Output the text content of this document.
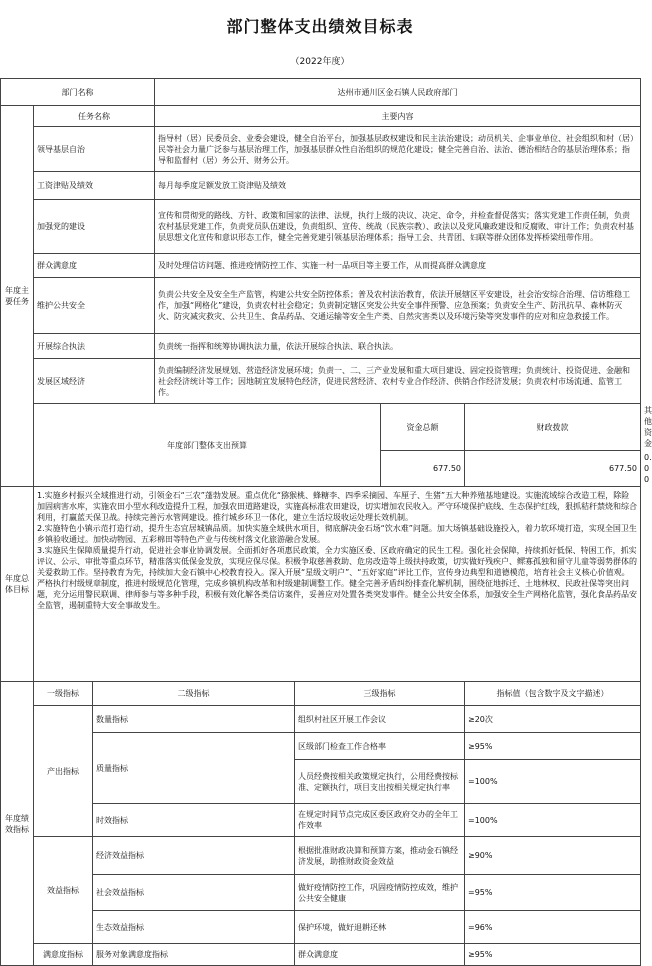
部门整体支出绩效目标表
（2022年度）
部门名称			达州市通川区金石镇人民政府部门				
年度主要任务	任务名称		主要内容				
	领导基层自治		指导村（居）民委员会、业委会建设，健全自治平台，加强基层政权建设和民主法治建设；动员机关、企事业单位、社会组织和村（居）民等社会力量广泛参与基层治理工作，加强基层群众性自治组织的规范化建设；健全完善自治、法治、德治相结合的基层治理体系；指导和监督村（居）务公开、财务公开。				
	工资津贴及绩效		每月每季度足额发放工资津贴及绩效				
	加强党的建设		宣传和贯彻党的路线、方针、政策和国家的法律、法规，执行上级的决议、决定、命令，并检查督促落实；落实党建工作责任制，负责农村基层党建工作，负责党员队伍建设，负责组织、宣传、统战（民族宗教）、政法以及党风廉政建设和反腐败、审计工作；负责农村基层思想文化宣传和意识形态工作，健全完善党建引领基层治理体系；指导工会、共青团、妇联等群众团体发挥桥梁纽带作用。				
	群众满意度		及时处理信访问题、推进疫情防控工作、实施一村一品项目等主要工作，从而提高群众满意度				
	维护公共安全		负责公共安全及安全生产监管，构建公共安全防控体系；普及农村法治教育，依法开展辖区平安建设，社会治安综合治理、信访维稳工作，加强“网格化”建设，负责农村社会稳定；负责制定辖区突发公共安全事件预警、应急预案；负责安全生产、防汛抗旱、森林防灭火、防灾减灾救灾、公共卫生、食品药品、交通运输等安全生产类、自然灾害类以及环境污染等突发事件的应对和应急救援工作。				
	开展综合执法		负责统一指挥和统筹协调执法力量，依法开展综合执法、联合执法。				
	发展区域经济		负责编制经济发展规划、营造经济发展环境；负责一、二、三产业发展和重大项目建设、固定投资管理；负责统计、投资促进、金融和社会经济统计等工作；因地制宜发展特色经济，促进民营经济、农村专业合作经济、供销合作经济发展；负责农村市场流通、监管工作。				
	年度部门整体支出预算				资金总额	财政拨款	其他资金
					677.50	677.50	0.00
年度总体目标	1.实施乡村振兴全域推进行动，引领金石“三农”蓬勃发展。重点优化“猕猴桃、蜂糖李、四季采摘园、车厘子、生猪”五大种养殖基地建设。实施流域综合改造工程，除险加固病害水库，实施农田小型水利改造提升工程，加强农田道路建设，实施高标准农田建设，切实增加农民收入。严守环境保护底线、生态保护红线，狠抓秸秆禁烧和综合利用，打赢蓝天保卫战。持续完善污水管网建设。推行城乡环卫一体化，建立生活垃圾收运处理长效机制。
2.实施特色小镇示范打造行动，提升生态宜居城镇品质。加快实施全域供水项目，彻底解决金石场“饮水难”问题。加大场镇基础设施投入，着力软环境打造，实现全国卫生乡镇验收通过。加快动物园、五彩棉田等特色产业与传统村落文化旅游融合发展。
3.实施民生保障质量提升行动，促进社会事业协调发展。全面抓好各项惠民政策，全力实施区委、区政府确定的民生工程。强化社会保障，持续抓好低保、特困工作，抓实评议、公示、审批等重点环节，精准落实低保金发放，实现应保尽保。积极争取慈善救助、危房改造等上级扶持政策，切实做好残疾户、鳏寡孤独和留守儿童等弱势群体的关爱救助工作。坚持教育为先，持续加大金石镇中心校教育投入。深入开展“星级文明户”、“五好家庭”评比工作，宣传身边典型和道德模范，培育社会主义核心价值观。严格执行村级规章制度，推进村级规范化管理，完成乡镇机构改革和村级建制调整工作。健全完善矛盾纠纷排查化解机制，围绕征地拆迁、土地林权、民政社保等突出问题，充分运用警民联调、律师参与等多种手段，积极有效化解各类信访案件，妥善应对处置各类突发事件。健全公共安全体系，加强安全生产网格化监管，强化食品药品安全监管，遏制重特大安全事故发生。						

年度绩效指标	一级指标	二级指标		三级指标		指标值（包含数字及文字描述）	
	产出指标	数量指标		组织村社区开展工作会议		≥20次	
		质量指标		区级部门检查工作合格率		≥95%	
				人员经费按相关政策规定执行，公用经费按标准、定额执行，项目支出按相关规定执行率		=100%	
		时效指标		在规定时间节点完成区委区政府交办的全年工作效率		=100%	
	效益指标	经济效益指标		根据批准财政决算和预算方案，推动金石镇经济发展，助推财政资金效益		≥90%	
		社会效益指标		做好疫情防控工作，巩固疫情防控成效，维护公共安全健康		=95%	
		生态效益指标		保护环境，做好退耕还林		=96%	
	满意度指标	服务对象满意度指标		群众满意度		≥95%	
